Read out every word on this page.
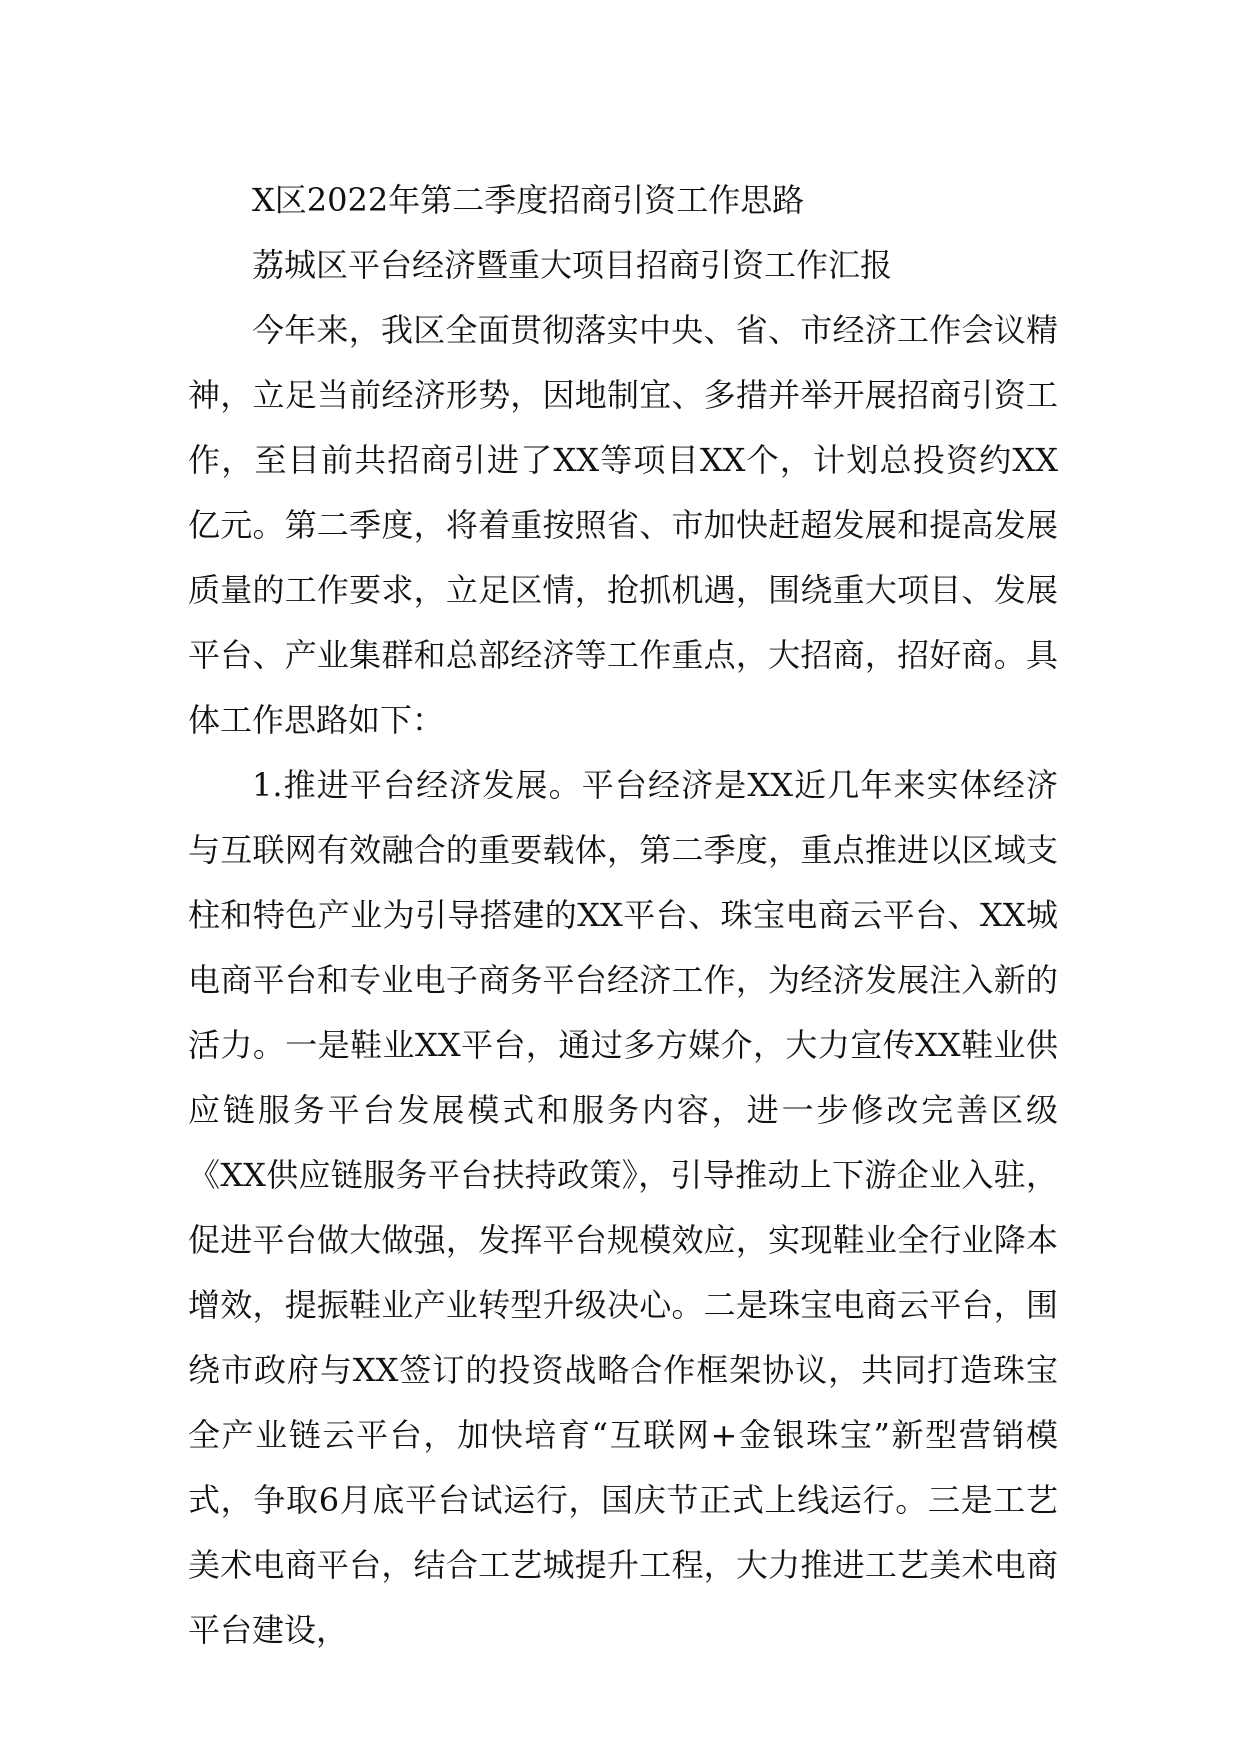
X区2022年第二季度招商引资工作思路

荔城区平台经济暨重大项目招商引资工作汇报

今年来，我区全面贯彻落实中央、省、市经济工作会议精神，立足当前经济形势，因地制宜、多措并举开展招商引资工作，至目前共招商引进了XX等项目XX个，计划总投资约XX亿元。第二季度，将着重按照省、市加快赶超发展和提高发展质量的工作要求，立足区情，抢抓机遇，围绕重大项目、发展平台、产业集群和总部经济等工作重点，大招商，招好商。具体工作思路如下：

1.推进平台经济发展。平台经济是XX近几年来实体经济与互联网有效融合的重要载体，第二季度，重点推进以区域支柱和特色产业为引导搭建的XX平台、珠宝电商云平台、XX城电商平台和专业电子商务平台经济工作，为经济发展注入新的活力。一是鞋业XX平台，通过多方媒介，大力宣传XX鞋业供应链服务平台发展模式和服务内容，进一步修改完善区级《XX供应链服务平台扶持政策》，引导推动上下游企业入驻，促进平台做大做强，发挥平台规模效应，实现鞋业全行业降本增效，提振鞋业产业转型升级决心。二是珠宝电商云平台，围绕市政府与XX签订的投资战略合作框架协议，共同打造珠宝全产业链云平台，加快培育“互联网+金银珠宝”新型营销模式，争取6月底平台试运行，国庆节正式上线运行。三是工艺美术电商平台，结合工艺城提升工程，大力推进工艺美术电商平台建设，
